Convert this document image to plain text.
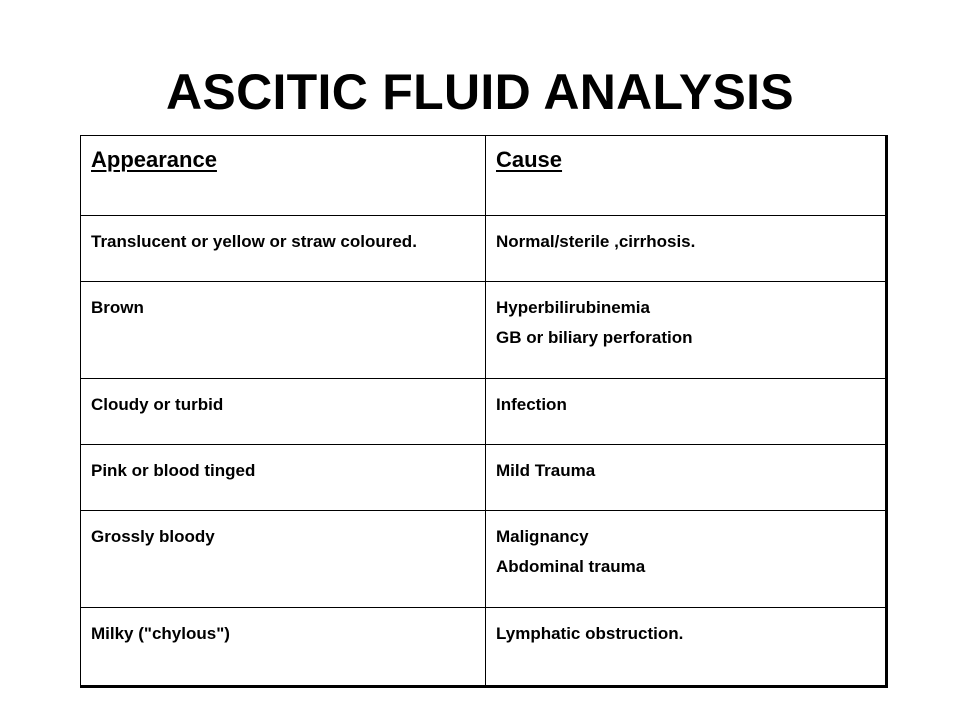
ASCITIC FLUID ANALYSIS
Appearance	Cause
Translucent or yellow or straw coloured.	Normal/sterile ,cirrhosis.

Brown	Hyperbilirubinemia
GB or biliary perforation

Cloudy or turbid	Infection

Pink or blood tinged	Mild Trauma

Grossly bloody	Malignancy
Abdominal trauma

Milky ("chylous")	Lymphatic obstruction.
